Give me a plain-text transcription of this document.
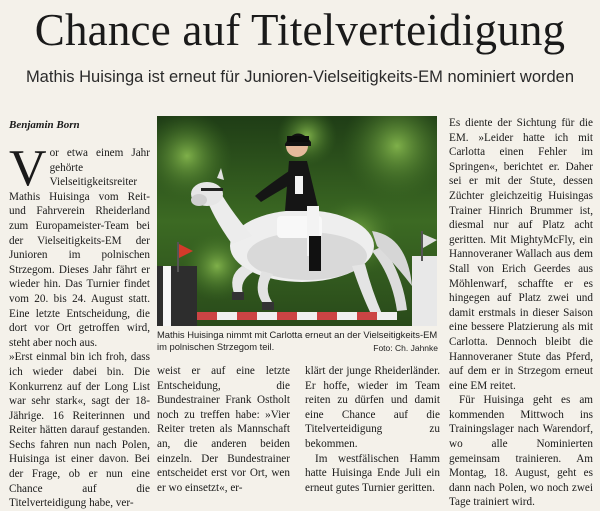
Chance auf Titelverteidigung
Mathis Huisinga ist erneut für Junioren-Vielseitigkeits-EM nominiert worden
Benjamin Born
V or etwa einem Jahr gehörte Vielseitigkeitsreiter Mathis Huisinga vom Reit- und Fahrverein Rheiderland zum Europameister-Team bei der Vielseitigkeits-EM der Junioren im polnischen Strzegom. Dieses Jahr fährt er wieder hin. Das Turnier findet vom 20. bis 24. August statt. Eine letzte Entscheidung, die dort vor Ort getroffen wird, steht aber noch aus.

»Erst einmal bin ich froh, dass ich wieder dabei bin. Die Konkurrenz auf der Long List war sehr stark«, sagt der 18-Jährige. 16 Reiterinnen und Reiter hätten darauf gestanden. Sechs fahren nun nach Polen, Huisinga ist einer davon. Bei der Frage, ob er nun eine Chance auf die Titelverteidigung habe, ver-

Mathis Huisinga nimmt mit Carlotta erneut an der Vielseitigkeits-EM im polnischen Strzegom teil.	Foto: Ch. Jahnke

weist er auf eine letzte Entscheidung, die Bundestrainer Frank Ostholt noch zu treffen habe: »Vier Reiter treten als Mannschaft an, die anderen beiden einzeln. Der Bundestrainer entscheidet erst vor Ort, wen er wo einsetzt«, er-

klärt der junge Rheiderländer. Er hoffe, wieder im Team reiten zu dürfen und damit eine Chance auf die Titelverteidigung zu bekommen.

Im westfälischen Hamm hatte Huisinga Ende Juli ein erneut gutes Turnier geritten.

Es diente der Sichtung für die EM. »Leider hatte ich mit Carlotta einen Fehler im Springen«, berichtet er. Daher sei er mit der Stute, dessen Züchter gleichzeitig Huisingas Trainer Hinrich Brummer ist, diesmal nur auf Platz acht geritten. Mit MightyMcFly, ein Hannoveraner Wallach aus dem Stall von Erich Geerdes aus Möhlenwarf, schaffte er es hingegen auf Platz zwei und damit erstmals in dieser Saison eine bessere Platzierung als mit Carlotta. Dennoch bleibt die Hannoveraner Stute das Pferd, auf dem er in Strzegom erneut eine EM reitet.

Für Huisinga geht es am kommenden Mittwoch ins Trainingslager nach Warendorf, wo alle Nominierten gemeinsam trainieren. Am Montag, 18. August, geht es dann nach Polen, wo noch zwei Tage trainiert wird.
